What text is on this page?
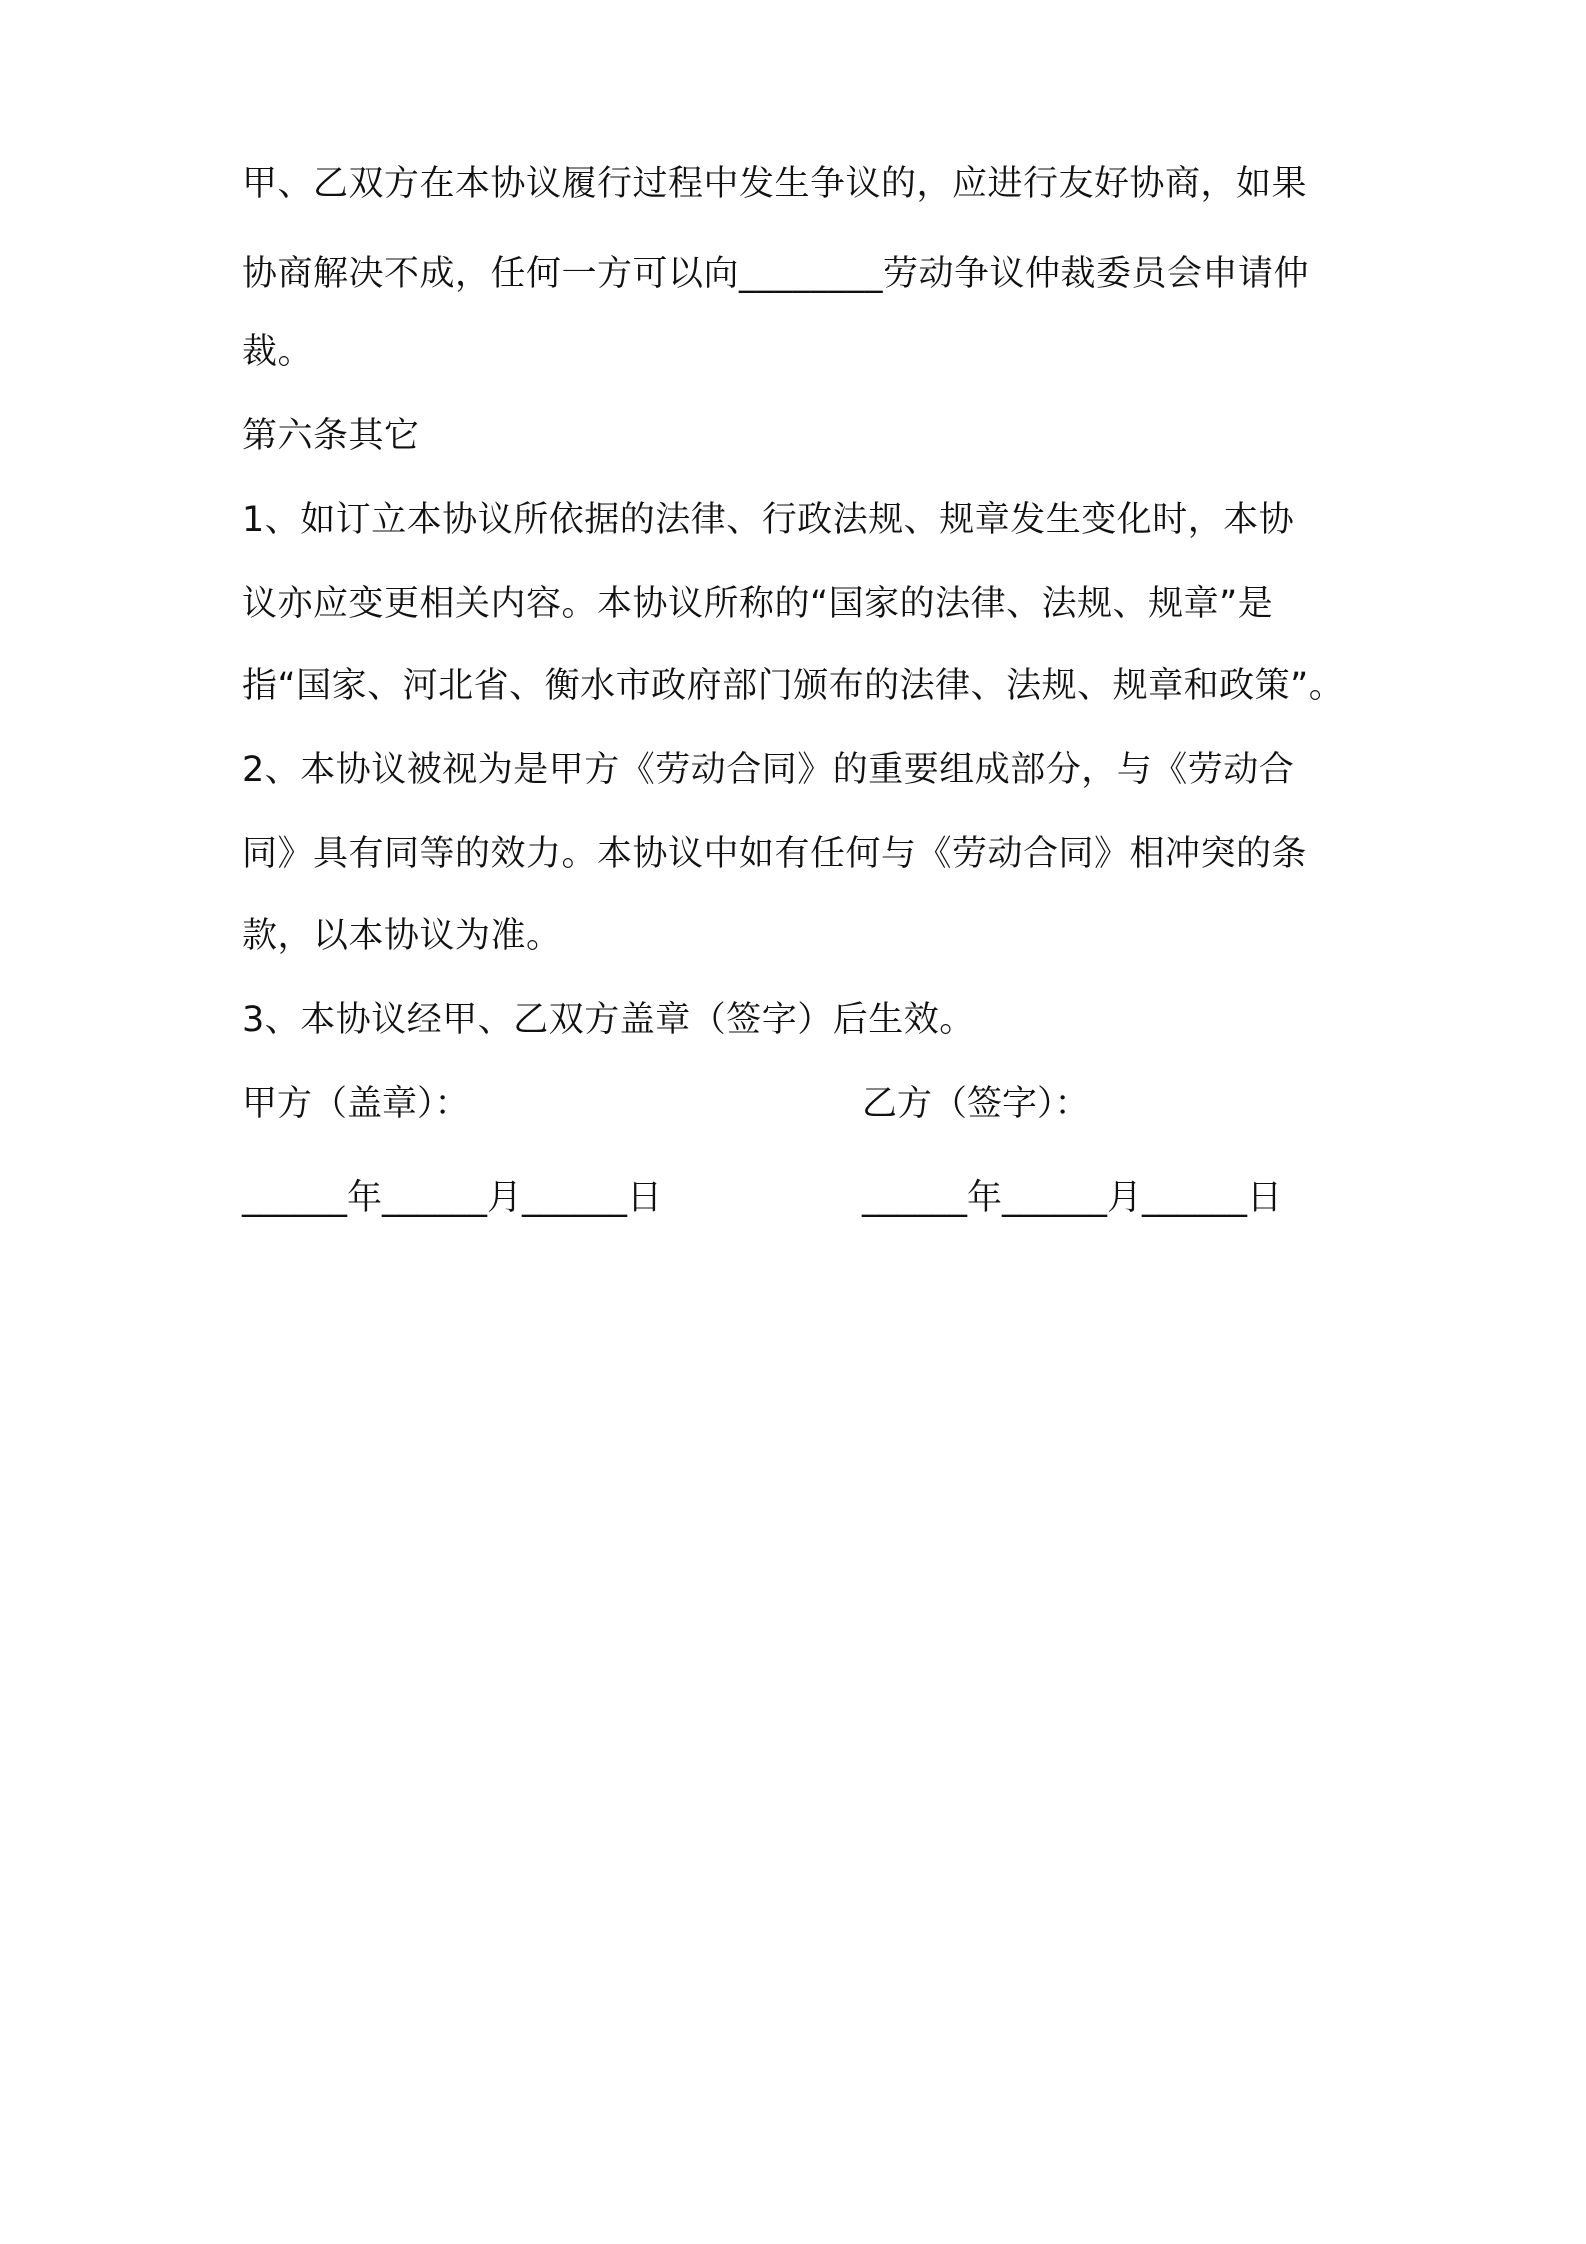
甲、乙双方在本协议履行过程中发生争议的，应进行友好协商，如果
协商解决不成，任何一方可以向________劳动争议仲裁委员会申请仲
裁。
第六条其它
1、如订立本协议所依据的法律、行政法规、规章发生变化时，本协
议亦应变更相关内容。本协议所称的“国家的法律、法规、规章”是
指“国家、河北省、衡水市政府部门颁布的法律、法规、规章和政策”。
2、本协议被视为是甲方《劳动合同》的重要组成部分，与《劳动合
同》具有同等的效力。本协议中如有任何与《劳动合同》相冲突的条
款，以本协议为准。
3、本协议经甲、乙双方盖章（签字）后生效。
甲方（盖章）：	乙方（签字）：
______年______月______日	______年______月______日
